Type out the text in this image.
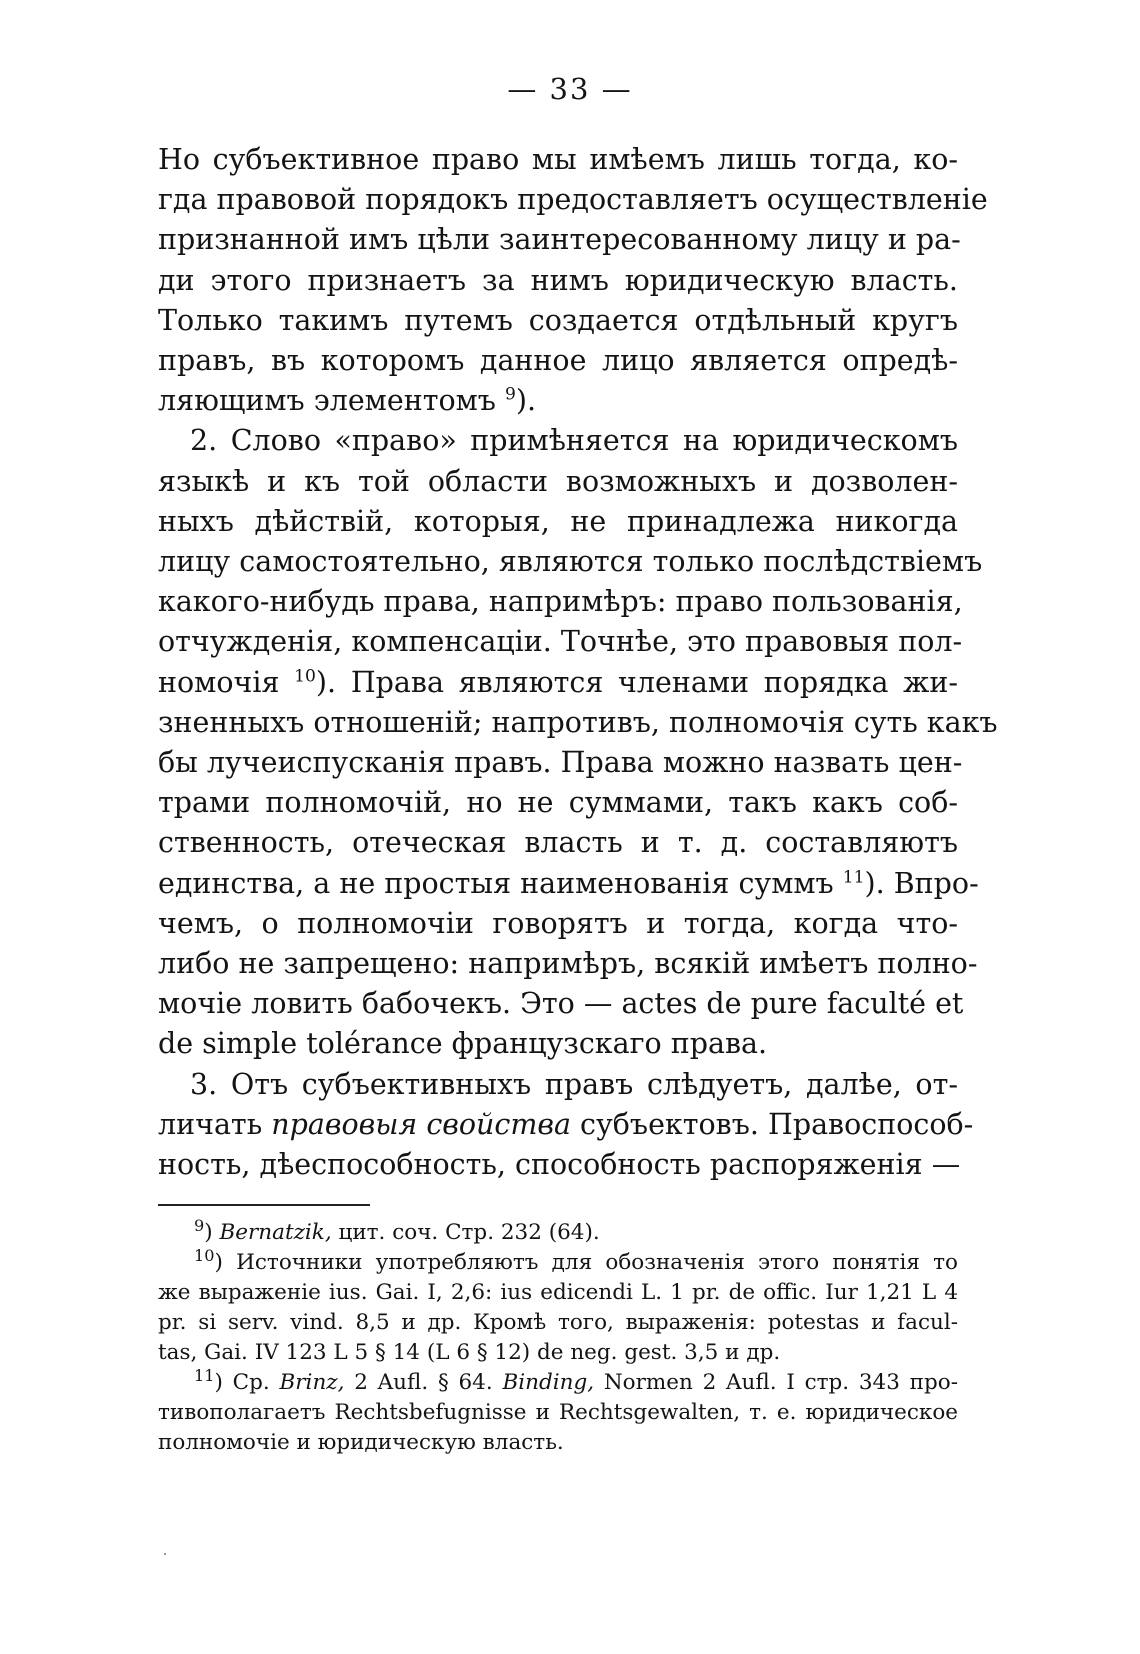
— 33 —
Но субъективное право мы имѣемъ лишь тогда, ко-
гда правовой порядокъ предоставляетъ осуществленіе
признанной имъ цѣли заинтересованному лицу и ра-
ди этого признаетъ за нимъ юридическую власть.
Только такимъ путемъ создается отдѣльный кругъ
правъ, въ которомъ данное лицо является опредѣ-
ляющимъ элементомъ $^9$).
2. Слово «право» примѣняется на юридическомъ
языкѣ и къ той области возможныхъ и дозволен-
ныхъ дѣйствій, которыя, не принадлежа никогда
лицу самостоятельно, являются только послѣдствіемъ
какого-нибудь права, напримѣръ: право пользованія,
отчужденія, компенсаціи. Точнѣе, это правовыя пол-
номочія $^{10}$). Права являются членами порядка жи-
зненныхъ отношеній; напротивъ, полномочія суть какъ
бы лучеиспусканія правъ. Права можно назвать цен-
трами полномочій, но не суммами, такъ какъ соб-
ственность, отеческая власть и т. д. составляютъ
единства, а не простыя наименованія суммъ $^{11}$). Впро-
чемъ, о полномочіи говорятъ и тогда, когда что-
либо не запрещено: напримѣръ, всякій имѣетъ полно-
мочіе ловить бабочекъ. Это — actes de pure faculté et
de simple tolérance французскаго права.
3. Отъ субъективныхъ правъ слѣдуетъ, далѣе, от-
личать правовыя свойства субъектовъ. Правоспособ-
ность, дѣеспособность, способность распоряженія —
$^9$) Bernatzik, цит. соч. Стр. 232 (64).
$^{10}$) Источники употребляютъ для обозначенія этого понятія то
же выраженіе ius. Gai. I, 2,6: ius edicendi L. 1 pr. de offic. Iur 1,21 L 4
pr. si serv. vind. 8,5 и др. Кромѣ того, выраженія: potestas и facul-
tas, Gai. IV 123 L 5 § 14 (L 6 § 12) de neg. gest. 3,5 и др.
$^{11}$) Ср. Brinz, 2 Aufl. § 64. Binding, Normen 2 Aufl. I стр. 343 про-
тивополагаетъ Rechtsbefugnisse и Rechtsgewalten, т. е. юридическое
полномочіе и юридическую власть.
